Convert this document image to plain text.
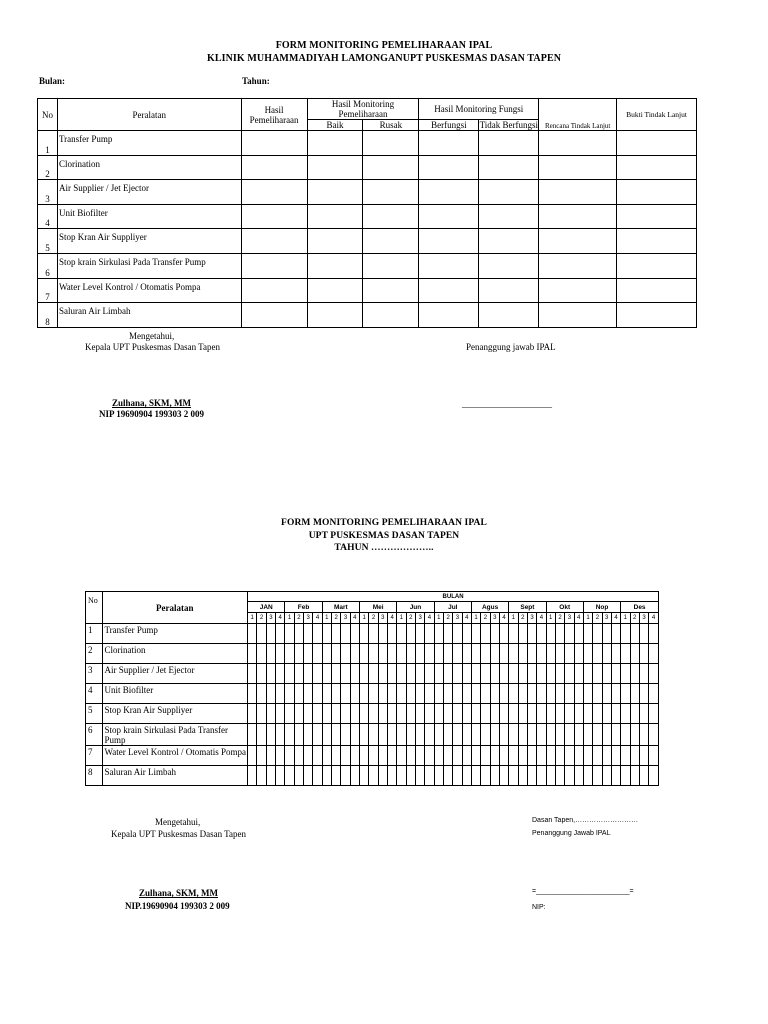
FORM MONITORING PEMELIHARAAN IPAL
KLINIK MUHAMMADIYAH LAMONGANUPT PUSKESMAS DASAN TAPEN
Bulan:	Tahun:
No	Peralatan	Hasil Pemeliharaan	Hasil Monitoring Pemeliharaan		Hasil Monitoring Fungsi		Rencana Tindak Lanjut	Bukti Tindak Lanjut
			Baik	Rusak	Berfungsi	Tidak Berfungsi		
1	Transfer Pump							
2	Clorination							
3	Air Supplier / Jet Ejector							
4	Unit Biofilter							
5	Stop Kran Air Suppliyer							
6	Stop krain Sirkulasi Pada Transfer Pump							
7	Water Level Kontrol / Otomatis Pompa							
8	Saluran Air Limbah							
Mengetahui,
Kepala UPT Puskesmas Dasan Tapen	Penanggung jawab IPAL
Zulhana, SKM, MM
NIP 19690904 199303 2 009
____________________
FORM MONITORING PEMELIHARAAN IPAL
UPT PUSKESMAS DASAN TAPEN
TAHUN ………………..
No	Peralatan	BULAN																																											
		JAN				Feb				Mart				Mei				Jun				Jul				Agus				Sept				Okt				Nop				Des			
		1	2	3	4	1	2	3	4	1	2	3	4	1	2	3	4	1	2	3	4	1	2	3	4	1	2	3	4	1	2	3	4	1	2	3	4	1	2	3	4	1	2	3	4
1	Transfer Pump																																												
2	Clorination																																												
3	Air Supplier / Jet Ejector																																												
4	Unit Biofilter																																												
5	Stop Kran Air Suppliyer																																												
6	Stop krain Sirkulasi Pada Transfer Pump																																												
7	Water Level Kontrol / Otomatis Pompa																																												
8	Saluran Air Limbah																																												
Mengetahui,
Kepala UPT Puskesmas Dasan Tapen
Dasan Tapen,………………………
Penanggung Jawab IPAL
Zulhana, SKM, MM
NIP.19690904 199303 2 009
=________________________=
NIP:
